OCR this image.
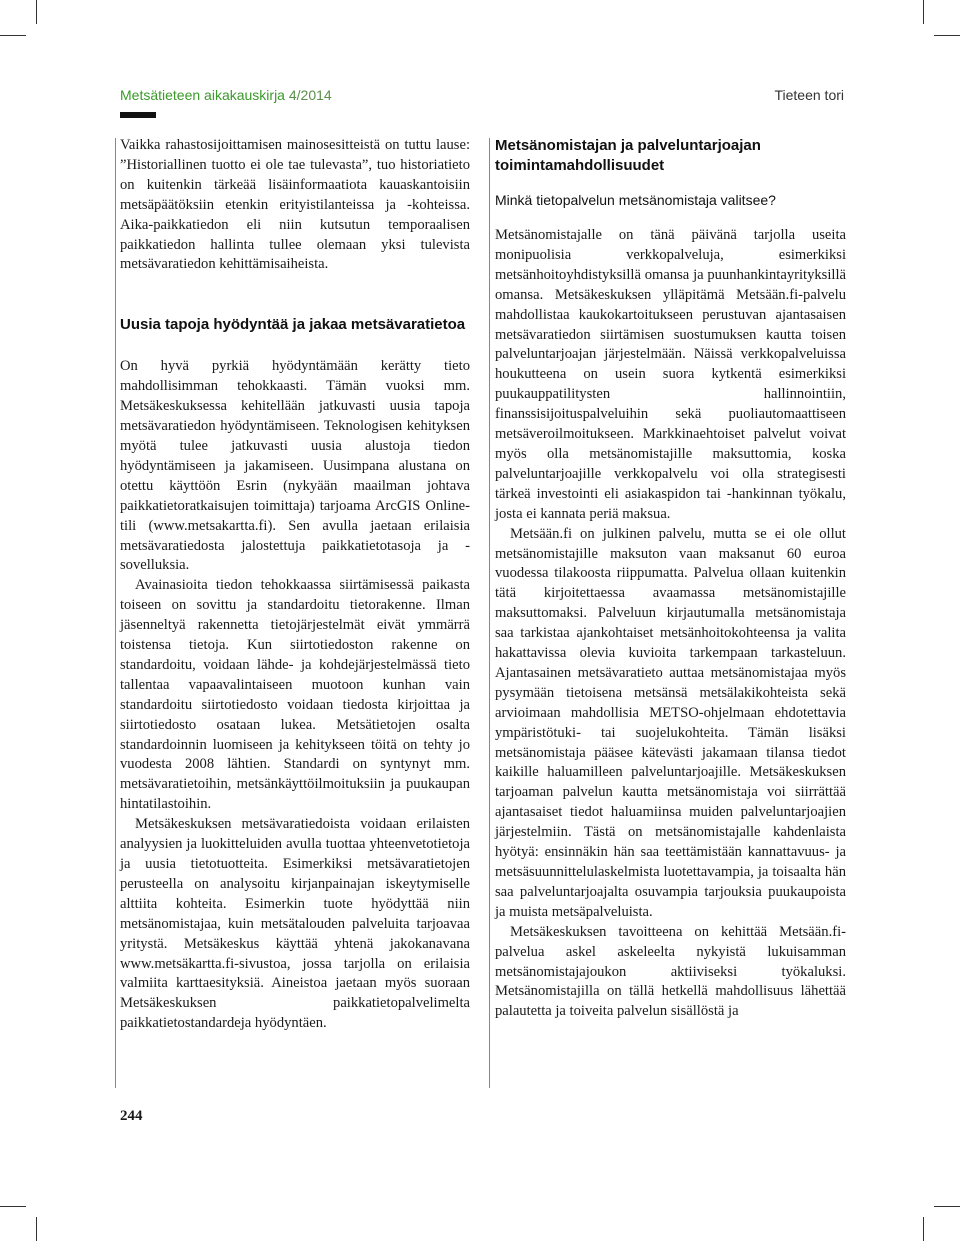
Metsätieteen aikakauskirja 4/2014	Tieteen tori

Vaikka rahastosijoittamisen mainosesitteistä on tuttu lause: ”Historiallinen tuotto ei ole tae tulevasta”, tuo historiatieto on kuitenkin tärkeää lisäinformaatiota kauaskantoisiin metsäpäätöksiin etenkin erityistilanteissa ja -kohteissa. Aika-paikkatiedon eli niin kutsutun temporaalisen paikkatiedon hallinta tullee olemaan yksi tulevista metsävaratiedon kehittämisaiheista.

Uusia tapoja hyödyntää ja jakaa metsävaratietoa

On hyvä pyrkiä hyödyntämään kerätty tieto mahdollisimman tehokkaasti. Tämän vuoksi mm. Metsäkeskuksessa kehitellään jatkuvasti uusia tapoja metsävaratiedon hyödyntämiseen. Teknologisen kehityksen myötä tulee jatkuvasti uusia alustoja tiedon hyödyntämiseen ja jakamiseen. Uusimpana alustana on otettu käyttöön Esrin (nykyään maailman johtava paikkatietoratkaisujen toimittaja) tarjoama ArcGIS Online-tili (www.metsakartta.fi). Sen avulla jaetaan erilaisia metsävaratiedosta jalostettuja paikkatietotasoja ja -sovelluksia.

Avainasioita tiedon tehokkaassa siirtämisessä paikasta toiseen on sovittu ja standardoitu tietorakenne. Ilman jäsenneltyä rakennetta tietojärjestelmät eivät ymmärrä toistensa tietoja. Kun siirtotiedoston rakenne on standardoitu, voidaan lähde- ja kohdejärjestelmässä tieto tallentaa vapaavalintaiseen muotoon kunhan vain standardoitu siirtotiedosto voidaan tiedosta kirjoittaa ja siirtotiedosto osataan lukea. Metsätietojen osalta standardoinnin luomiseen ja kehitykseen töitä on tehty jo vuodesta 2008 lähtien. Standardi on syntynyt mm. metsävaratietoihin, metsänkäyttöilmoituksiin ja puukaupan hintatilastoihin.

Metsäkeskuksen metsävaratiedoista voidaan erilaisten analyysien ja luokitteluiden avulla tuottaa yhteenvetotietoja ja uusia tietotuotteita. Esimerkiksi metsävaratietojen perusteella on analysoitu kirjanpainajan iskeytymiselle alttiita kohteita. Esimerkin tuote hyödyttää niin metsänomistajaa, kuin metsätalouden palveluita tarjoavaa yritystä. Metsäkeskus käyttää yhtenä jakokanavana www.metsäkartta.fi-sivustoa, jossa tarjolla on erilaisia valmiita karttaesityksiä. Aineistoa jaetaan myös suoraan Metsäkeskuksen paikkatietopalvelimelta paikkatietostandardeja hyödyntäen.

Metsänomistajan ja palveluntarjoajan toimintamahdollisuudet

Minkä tietopalvelun metsänomistaja valitsee?

Metsänomistajalle on tänä päivänä tarjolla useita monipuolisia verkkopalveluja, esimerkiksi metsänhoitoyhdistyksillä omansa ja puunhankintayrityksillä omansa. Metsäkeskuksen ylläpitämä Metsään.fi-palvelu mahdollistaa kaukokartoitukseen perustuvan ajantasaisen metsävaratiedon siirtämisen suostumuksen kautta toisen palveluntarjoajan järjestelmään. Näissä verkkopalveluissa houkutteena on usein suora kytkentä esimerkiksi puukauppatilitysten hallinnointiin, finanssisijoituspalveluihin sekä puoliautomaattiseen metsäveroilmoitukseen. Markkinaehtoiset palvelut voivat myös olla metsänomistajille maksuttomia, koska palveluntarjoajille verkkopalvelu voi olla strategisesti tärkeä investointi eli asiakaspidon tai -hankinnan työkalu, josta ei kannata periä maksua.

Metsään.fi on julkinen palvelu, mutta se ei ole ollut metsänomistajille maksuton vaan maksanut 60 euroa vuodessa tilakoosta riippumatta. Palvelua ollaan kuitenkin tätä kirjoitettaessa avaamassa metsänomistajille maksuttomaksi. Palveluun kirjautumalla metsänomistaja saa tarkistaa ajankohtaiset metsänhoitokohteensa ja valita hakattavissa olevia kuvioita tarkempaan tarkasteluun. Ajantasainen metsävaratieto auttaa metsänomistajaa myös pysymään tietoisena metsänsä metsälakikohteista sekä arvioimaan mahdollisia METSO-ohjelmaan ehdotettavia ympäristötuki- tai suojelukohteita. Tämän lisäksi metsänomistaja pääsee kätevästi jakamaan tilansa tiedot kaikille haluamilleen palveluntarjoajille. Metsäkeskuksen tarjoaman palvelun kautta metsänomistaja voi siirrättää ajantasaiset tiedot haluamiinsa muiden palveluntarjoajien järjestelmiin. Tästä on metsänomistajalle kahdenlaista hyötyä: ensinnäkin hän saa teettämistään kannattavuus- ja metsäsuunnittelulaskelmista luotettavampia, ja toisaalta hän saa palveluntarjoajalta osuvampia tarjouksia puukaupoista ja muista metsäpalveluista.

Metsäkeskuksen tavoitteena on kehittää Metsään.fi-palvelua askel askeleelta nykyistä lukuisamman metsänomistajajoukon aktiiviseksi työkaluksi. Metsänomistajilla on tällä hetkellä mahdollisuus lähettää palautetta ja toiveita palvelun sisällöstä ja

244
